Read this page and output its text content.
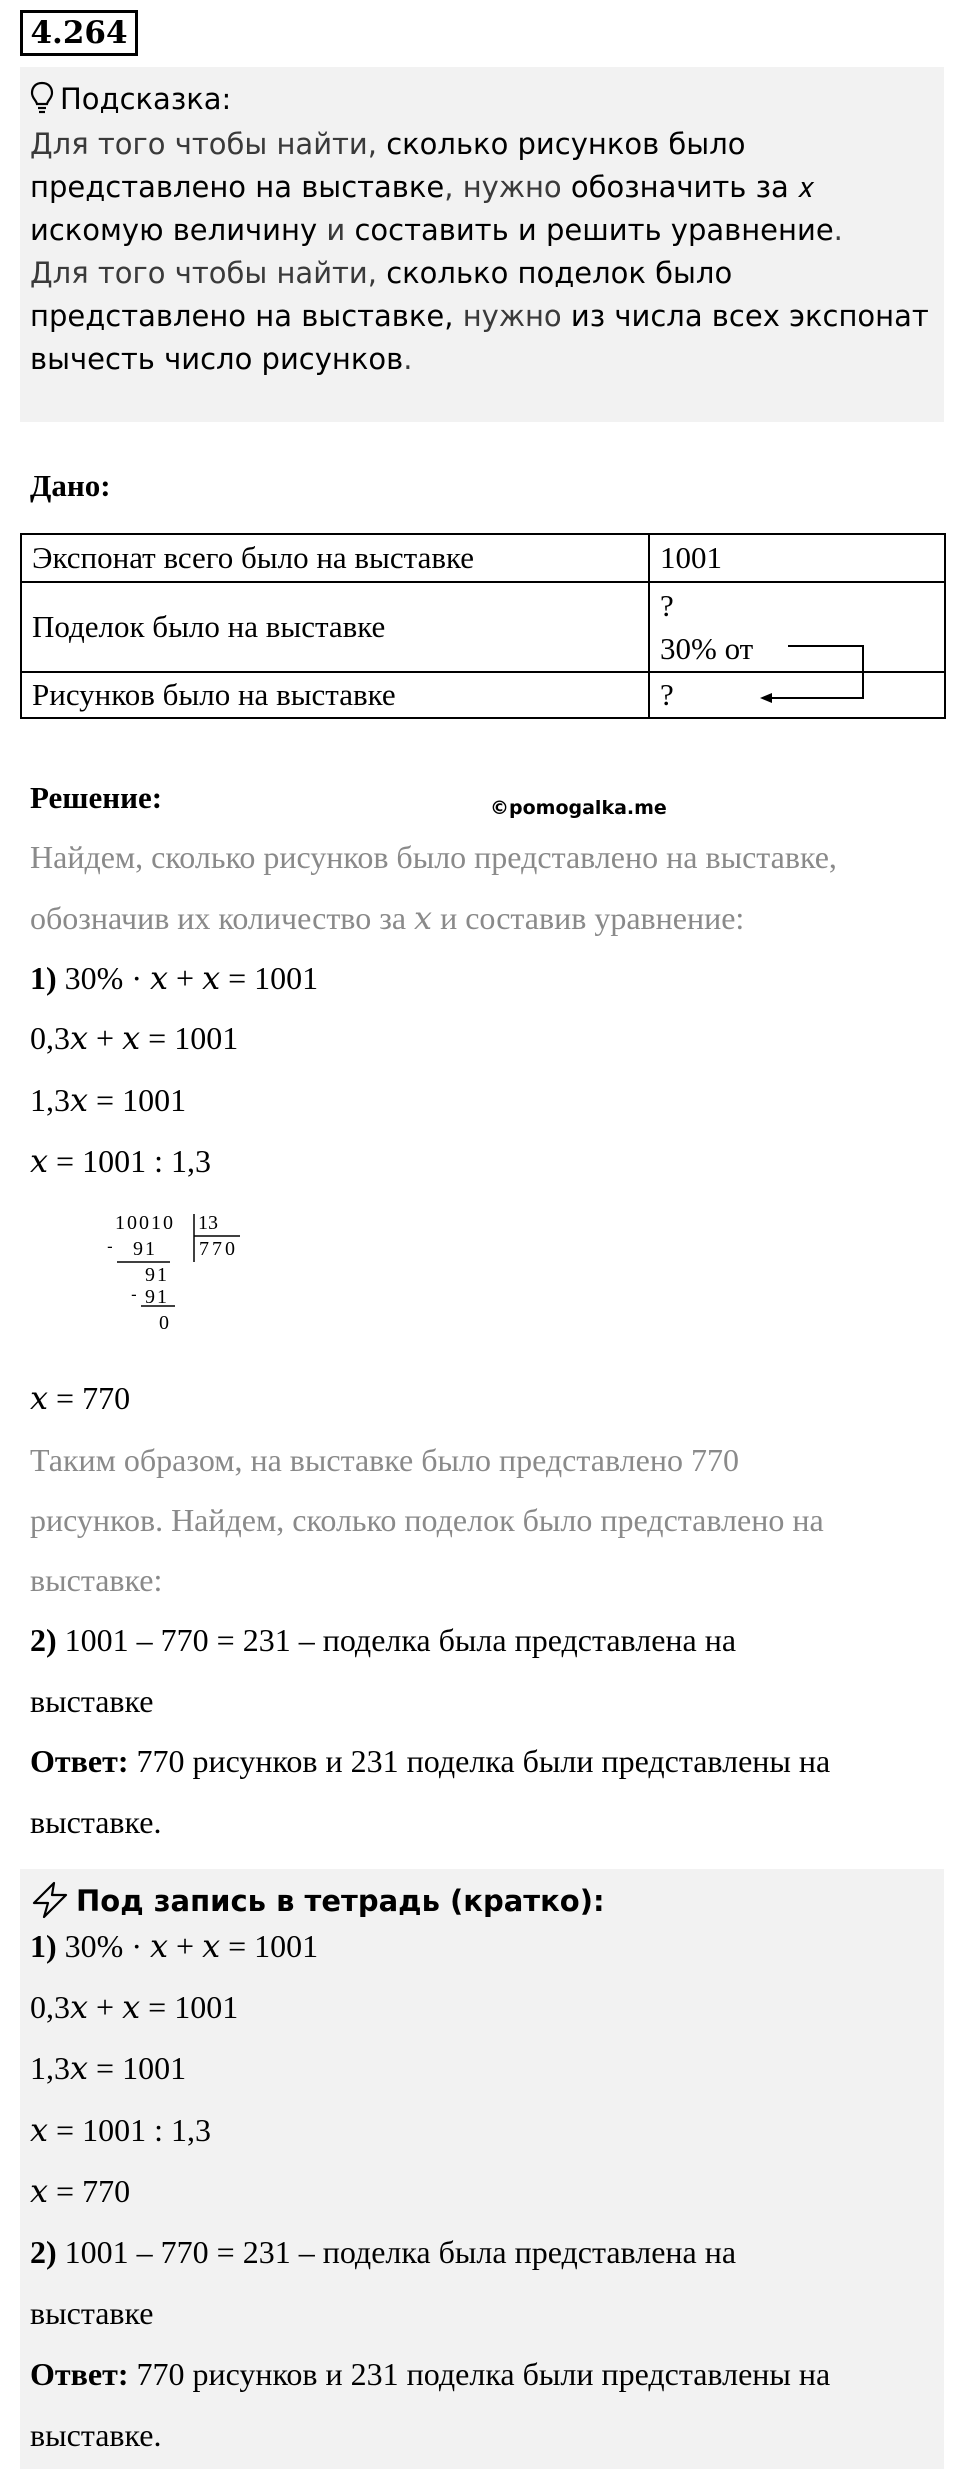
4.264
Подсказка:

Для того чтобы найти, сколько рисунков было представлено на выставке, нужно обозначить за 𝑥 искомую величину и составить и решить уравнение.

Для того чтобы найти, сколько поделок было представлено на выставке, нужно из числа всех экспонат вычесть число рисунков.

Дано:
Экспонат всего было на выставке	1001
Поделок было на выставке	?
30% от

Рисунков было на выставке	?
Решение:	©pomogalka.me
Найдем, сколько рисунков было представлено на выставке,
обозначив их количество за 𝑥 и составив уравнение:
1) 30% · 𝑥 + 𝑥 = 1001
0,3𝑥 + 𝑥 = 1001
1,3𝑥 = 1001
𝑥 = 1001 : 1,3
10010 13
-
-
91 770
91
91
0
𝑥 = 770
Таким образом, на выставке было представлено 770
рисунков. Найдем, сколько поделок было представлено на
выставке:
2) 1001 – 770 = 231 – поделка была представлена на
выставке
Ответ: 770 рисунков и 231 поделка были представлены на
выставке.
Под запись в тетрадь (кратко):
1) 30% · 𝑥 + 𝑥 = 1001
0,3𝑥 + 𝑥 = 1001
1,3𝑥 = 1001
𝑥 = 1001 : 1,3
𝑥 = 770
2) 1001 – 770 = 231 – поделка была представлена на
выставке
Ответ: 770 рисунков и 231 поделка были представлены на
выставке.
